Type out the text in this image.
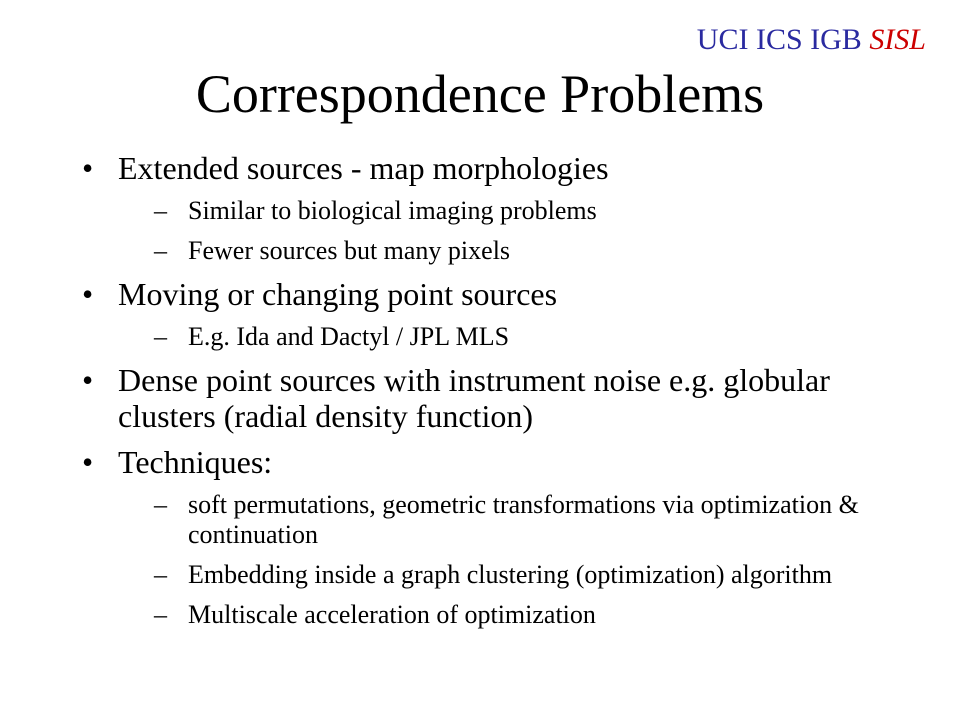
UCI ICS IGB SISL
Correspondence Problems
• Extended sources - map morphologies
– Similar to biological imaging problems
– Fewer sources but many pixels
• Moving or changing point sources
– E.g. Ida and Dactyl / JPL MLS
• Dense point sources with instrument noise e.g. globular clusters (radial density function)
• Techniques:
– soft permutations, geometric transformations via optimization & continuation
– Embedding inside a graph clustering (optimization) algorithm
– Multiscale acceleration of optimization
